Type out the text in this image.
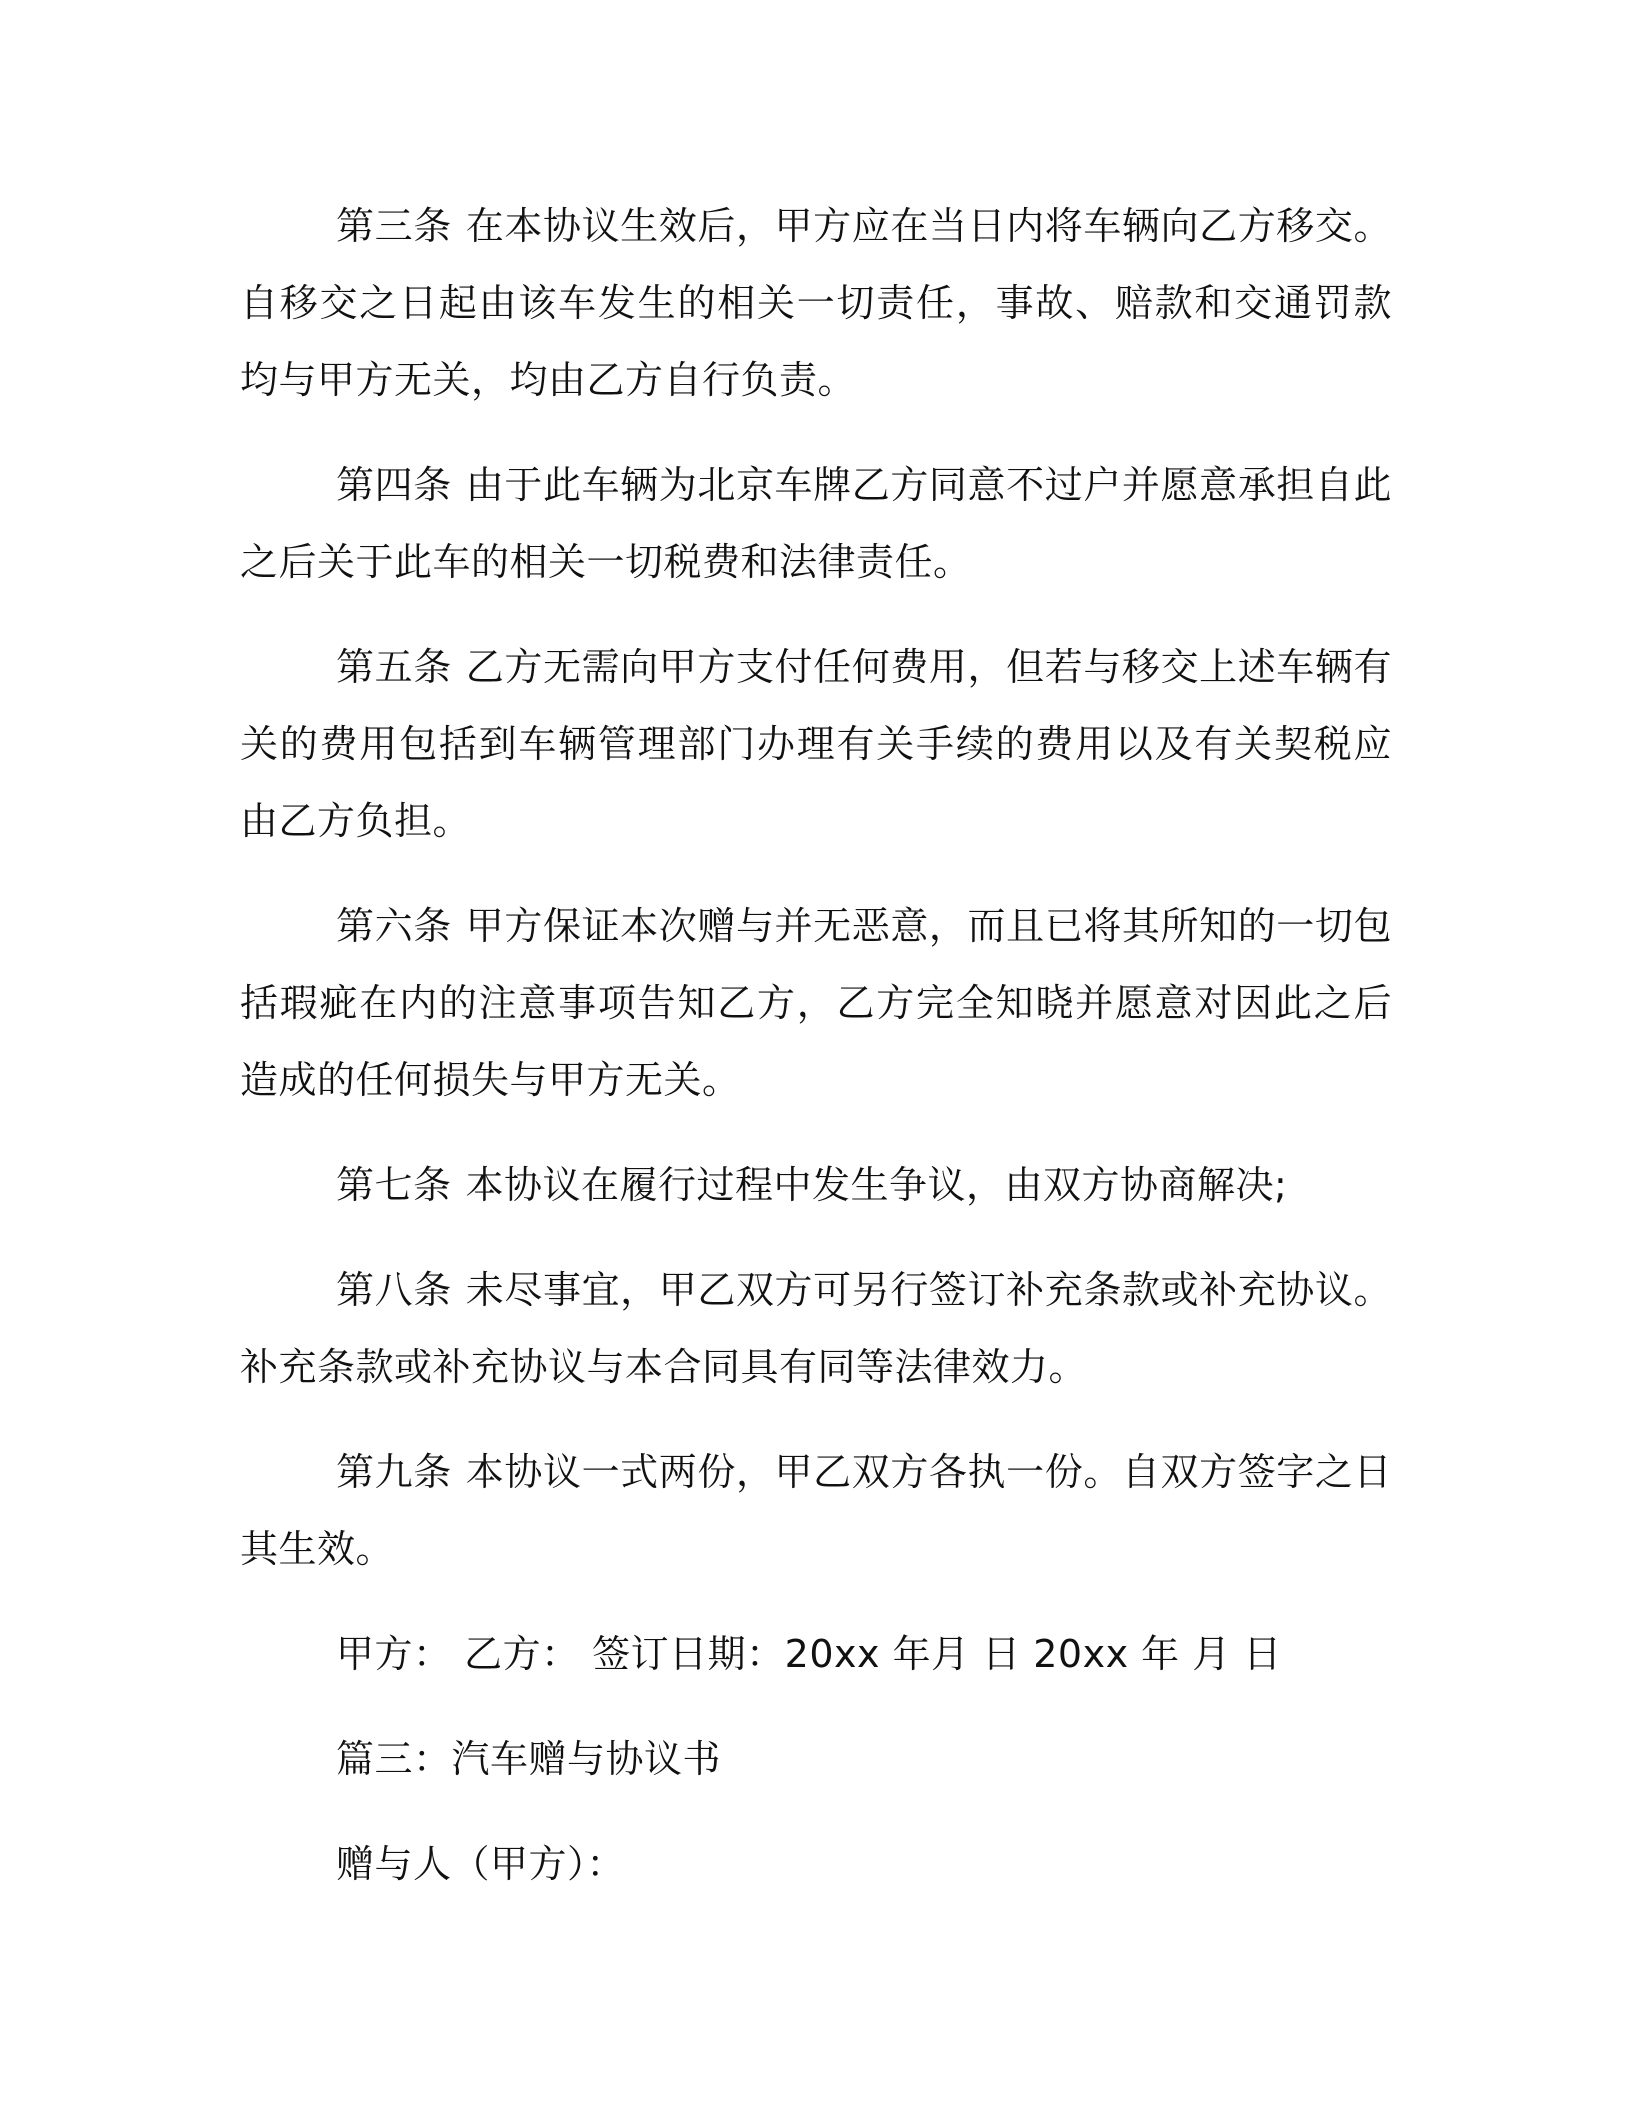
第三条 在本协议生效后，甲方应在当日内将车辆向乙方移交。自移交之日起由该车发生的相关一切责任，事故、赔款和交通罚款均与甲方无关，均由乙方自行负责。

第四条 由于此车辆为北京车牌乙方同意不过户并愿意承担自此之后关于此车的相关一切税费和法律责任。

第五条 乙方无需向甲方支付任何费用，但若与移交上述车辆有关的费用包括到车辆管理部门办理有关手续的费用以及有关契税应由乙方负担。

第六条 甲方保证本次赠与并无恶意，而且已将其所知的一切包括瑕疵在内的注意事项告知乙方，乙方完全知晓并愿意对因此之后造成的任何损失与甲方无关。

第七条 本协议在履行过程中发生争议，由双方协商解决;

第八条 未尽事宜，甲乙双方可另行签订补充条款或补充协议。补充条款或补充协议与本合同具有同等法律效力。

第九条 本协议一式两份，甲乙双方各执一份。自双方签字之日其生效。

甲方： 乙方： 签订日期：20xx 年月 日 20xx 年 月 日

篇三：汽车赠与协议书

赠与人（甲方）：
